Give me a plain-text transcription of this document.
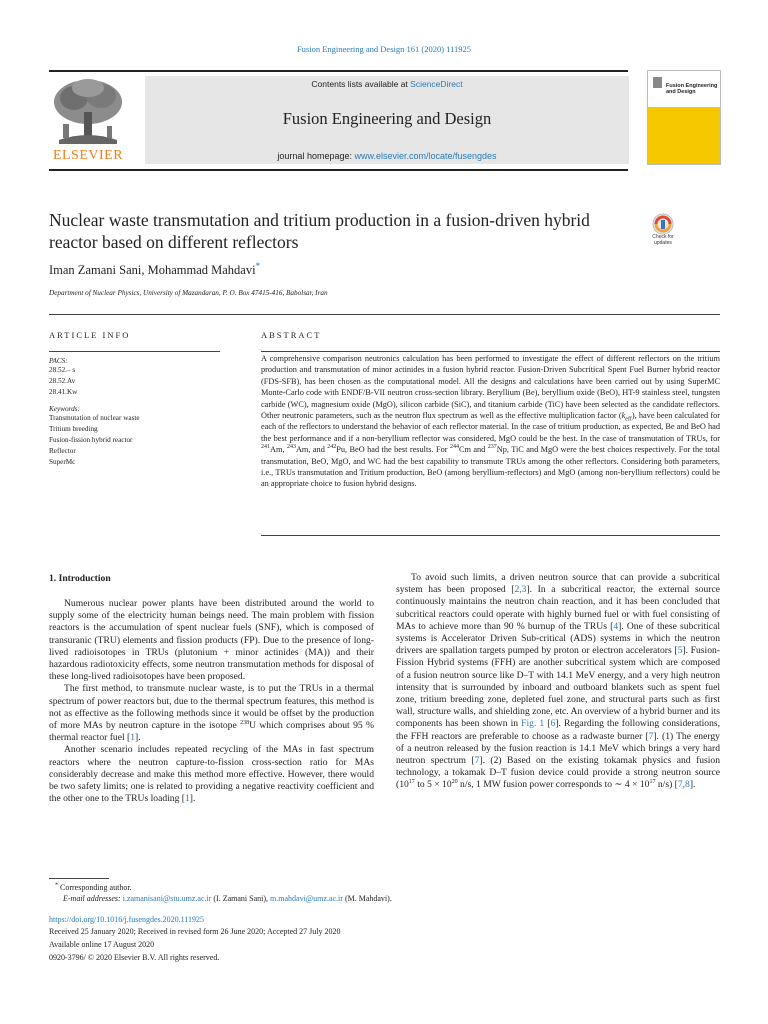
Fusion Engineering and Design 161 (2020) 111925
ELSEVIER
Contents lists available at ScienceDirect
Fusion Engineering and Design
journal homepage: www.elsevier.com/locate/fusengdes
Fusion Engineering
and Design
Nuclear waste transmutation and tritium production in a fusion-driven hybrid reactor based on different reflectors	Check for
updates
Iman Zamani Sani, Mohammad Mahdavi*
Department of Nuclear Physics, University of Mazandaran, P. O. Box 47415-416, Babolsar, Iran
ARTICLE INFO
PACS:
28.52.– s
28.52.Av
28.41.Kw
Keywords:
Transmutation of nuclear waste
Tritium breeding
Fusion-fission hybrid reactor
Reflector
SuperMc
ABSTRACT
A comprehensive comparison neutronics calculation has been performed to investigate the effect of different reflectors on the tritium production and transmutation of minor actinides in a fusion hybrid reactor. Fusion-Driven Subcritical Spent Fuel Burner hybrid reactor (FDS-SFB), has been chosen as the computational model. All the designs and calculations have been carried out by using SuperMC Monte-Carlo code with ENDF/B-VII neutron cross-section library. Beryllium (Be), beryllium oxide (BeO), HT-9 stainless steel, tungsten carbide (WC), magnesium oxide (MgO), silicon carbide (SiC), and titanium carbide (TiC) have been selected as the candidate reflectors. Other neutronic parameters, such as the neutron flux spectrum as well as the effective multiplication factor $(k_{eff})$, have been calculated for each of the reflectors to understand the behavior of each reflector material. In the case of tritium production, as expected, Be and BeO had the best performance and if a non-beryllium reflector was considered, MgO could be the best. In the case of transmutation of TRUs, for $^{241}$Am, $^{243}$Am, and $^{242}$Pu, BeO had the best results. For $^{244}$Cm and $^{237}$Np, TiC and MgO were the best choices respectively. For the total transmutation, BeO, MgO, and WC had the best capability to transmute TRUs among the other reflectors. Considering both parameters, i.e., TRUs transmutation and Tritium production, BeO (among beryllium-reflectors) and MgO (among non-beryllium reflectors) could be an appropriate choice to fusion hybrid designs.
1. Introduction

Numerous nuclear power plants have been distributed around the world to supply some of the electricity human beings need. The main problem with fission reactors is the accumulation of spent nuclear fuels (SNF), which is composed of transuranic (TRU) elements and fission products (FP). Due to the presence of long-lived radioisotopes in TRUs (plutonium + minor actinides (MA)) and their hazardous radiotoxicity effects, some neutron transmutation methods for disposal of these long-lived radioisotopes have been proposed.

The first method, to transmute nuclear waste, is to put the TRUs in a thermal spectrum of power reactors but, due to the thermal spectrum features, this method is not as effective as the following methods since it would be offset by the production of more MAs by neutron capture in the isotope $^{238}$U which comprises about 95 % thermal reactor fuel [1].

Another scenario includes repeated recycling of the MAs in fast spectrum reactors where the neutron capture-to-fission cross-section ratio for MAs considerably decrease and make this method more effective. However, there would be two safety limits; one is related to providing a negative reactivity coefficient and the other one to the TRUs loading [1].

To avoid such limits, a driven neutron source that can provide a subcritical system has been proposed [2,3]. In a subcritical reactor, the external source continuously maintains the neutron chain reaction, and it has been concluded that subcritical reactors could operate with highly burned fuel or with fuel consisting of MAs to achieve more than 90 % burnup of the TRUs [4]. One of these subcritical systems is Accelerator Driven Sub-critical (ADS) systems in which the neutron drivers are spallation targets pumped by proton or electron accelerators [5]. Fusion-Fission Hybrid systems (FFH) are another subcritical system which are composed of a fusion neutron source like D–T with 14.1 MeV energy, and a very high neutron intensity that is surrounded by inboard and outboard blankets such as spent fuel zone, tritium breeding zone, depleted fuel zone, and structural parts such as first wall, structure walls, and shielding zone, etc. An overview of a hybrid burner and its components has been shown in Fig. 1 [6]. Regarding the following considerations, the FFH reactors are preferable to choose as a radwaste burner [7]. (1) The energy of a neutron released by the fusion reaction is 14.1 MeV which brings a very hard neutron spectrum [7]. (2) Based on the existing tokamak physics and fusion technology, a tokamak D–T fusion device could provide a strong neutron source ($10^{17}$ to $5 \times 10^{20}$ n/s, 1 MW fusion power corresponds to ∼ $4 \times 10^{17}$ n/s) [7,8].

* Corresponding author.
E-mail addresses: i.zamanisani@stu.umz.ac.ir (I. Zamani Sani), m.mahdavi@umz.ac.ir (M. Mahdavi).
https://doi.org/10.1016/j.fusengdes.2020.111925
Received 25 January 2020; Received in revised form 26 June 2020; Accepted 27 July 2020
Available online 17 August 2020
0920-3796/ © 2020 Elsevier B.V. All rights reserved.
